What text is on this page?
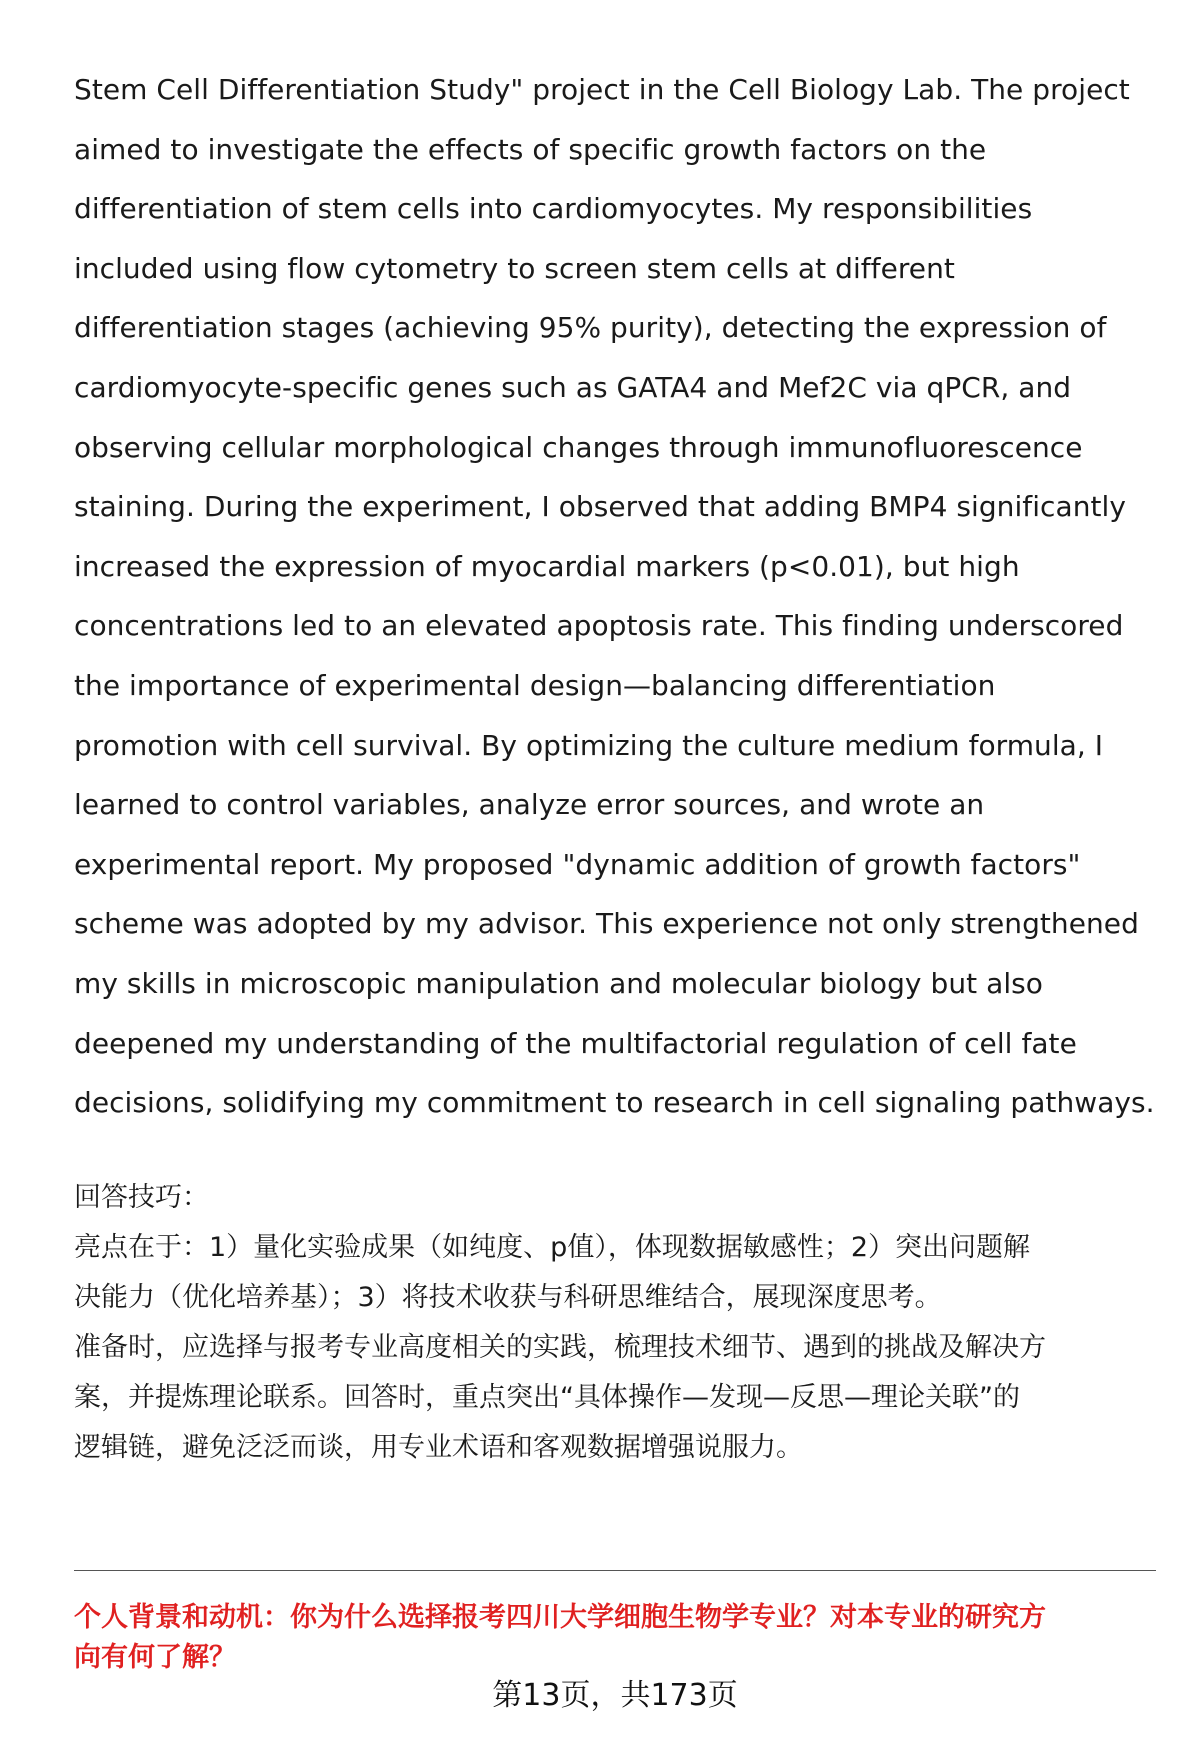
Stem Cell Differentiation Study" project in the Cell Biology Lab. The project
aimed to investigate the effects of specific growth factors on the
differentiation of stem cells into cardiomyocytes. My responsibilities
included using flow cytometry to screen stem cells at different
differentiation stages (achieving 95% purity), detecting the expression of
cardiomyocyte-specific genes such as GATA4 and Mef2C via qPCR, and
observing cellular morphological changes through immunofluorescence
staining. During the experiment, I observed that adding BMP4 significantly
increased the expression of myocardial markers (p<0.01), but high
concentrations led to an elevated apoptosis rate. This finding underscored
the importance of experimental design—balancing differentiation
promotion with cell survival. By optimizing the culture medium formula, I
learned to control variables, analyze error sources, and wrote an
experimental report. My proposed "dynamic addition of growth factors"
scheme was adopted by my advisor. This experience not only strengthened
my skills in microscopic manipulation and molecular biology but also
deepened my understanding of the multifactorial regulation of cell fate
decisions, solidifying my commitment to research in cell signaling pathways.

回答技巧：

亮点在于：1）量化实验成果（如纯度、p值），体现数据敏感性；2）突出问题解
决能力（优化培养基）；3）将技术收获与科研思维结合，展现深度思考。

准备时，应选择与报考专业高度相关的实践，梳理技术细节、遇到的挑战及解决方
案，并提炼理论联系。回答时，重点突出“具体操作—发现—反思—理论关联”的
逻辑链，避免泛泛而谈，用专业术语和客观数据增强说服力。

个人背景和动机：你为什么选择报考四川大学细胞生物学专业？对本专业的研究方
向有何了解？

第13页，共173页
